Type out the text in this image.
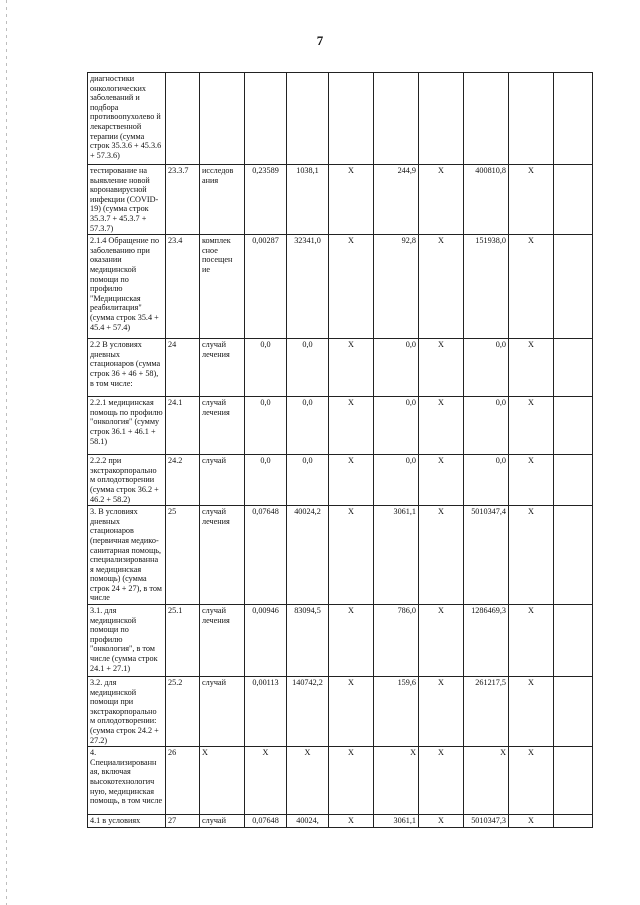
7
диагностики онкологических заболеваний и подбора противоопухолево й лекарственной терапии (сумма строк 35.3.6 + 45.3.6 + 57.3.6)										
тестирование на выявление новой коронавирусной инфекции (COVID-19) (сумма строк 35.3.7 + 45.3.7 + 57.3.7)	23.3.7	исследов ания	0,23589	1038,1	X	244,9	X	400810,8	X	
2.1.4 Обращение по заболеванию при оказании медицинской помощи по профилю "Медицинская реабилитация" (сумма строк 35.4 + 45.4 + 57.4)	23.4	комплек сное посещен ие	0,00287	32341,0	X	92,8	X	151938,0	X	
2.2 В условиях дневных стационаров (сумма строк 36 + 46 + 58), в том числе:	24	случай лечения	0,0	0,0	X	0,0	X	0,0	X	
2.2.1 медицинская помощь по профилю "онкология" (сумму строк 36.1 + 46.1 + 58.1)	24.1	случай лечения	0,0	0,0	X	0,0	X	0,0	X	
2.2.2 при экстракорпорально м оплодотворении (сумма строк 36.2 + 46.2 + 58.2)	24.2	случай	0,0	0,0	X	0,0	X	0,0	X	
3. В условиях дневных стационаров (первичная медико-санитарная помощь, специализированна я медицинская помощь) (сумма строк 24 + 27), в том числе	25	случай лечения	0,07648	40024,2	X	3061,1	X	5010347,4	X	
3.1. для медицинской помощи по профилю "онкология", в том числе (сумма строк 24.1 + 27.1)	25.1	случай лечения	0,00946	83094,5	X	786,0	X	1286469,3	X	
3.2. для медицинской помощи при экстракорпорально м оплодотворении: (сумма строк 24.2 + 27.2)	25.2	случай	0,00113	140742,2	X	159,6	X	261217,5	X	
4. Специализированн ая, включая высокотехнологич ную, медицинская помощь, в том числе	26	X	X	X	X	X	X	X	X	
4.1 в условиях	27	случай	0,07648	40024,	X	3061,1	X	5010347,3	X	
